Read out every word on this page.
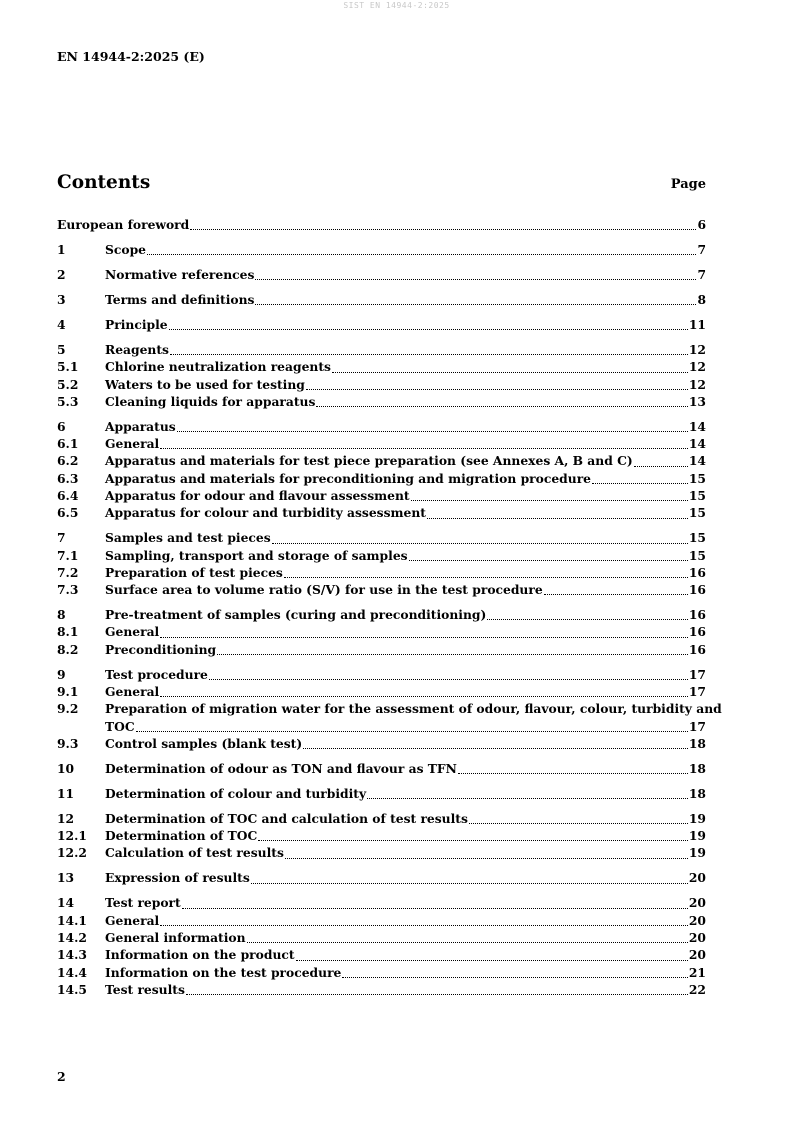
SIST EN 14944-2:2025
EN 14944-2:2025 (E)
Contents	Page
European foreword	6
1	Scope	7
2	Normative references	7
3	Terms and definitions	8
4	Principle	11
5	Reagents	12
5.1	Chlorine neutralization reagents	12
5.2	Waters to be used for testing	12
5.3	Cleaning liquids for apparatus	13
6	Apparatus	14
6.1	General	14
6.2	Apparatus and materials for test piece preparation (see Annexes A, B and C)	14
6.3	Apparatus and materials for preconditioning and migration procedure	15
6.4	Apparatus for odour and flavour assessment	15
6.5	Apparatus for colour and turbidity assessment	15
7	Samples and test pieces	15
7.1	Sampling, transport and storage of samples	15
7.2	Preparation of test pieces	16
7.3	Surface area to volume ratio (S/V) for use in the test procedure	16
8	Pre-treatment of samples (curing and preconditioning)	16
8.1	General	16
8.2	Preconditioning	16
9	Test procedure	17
9.1	General	17
9.2	Preparation of migration water for the assessment of odour, flavour, colour, turbidity and
TOC	17
9.3	Control samples (blank test)	18
10	Determination of odour as TON and flavour as TFN	18
11	Determination of colour and turbidity	18
12	Determination of TOC and calculation of test results	19
12.1	Determination of TOC	19
12.2	Calculation of test results	19
13	Expression of results	20
14	Test report	20
14.1	General	20
14.2	General information	20
14.3	Information on the product	20
14.4	Information on the test procedure	21
14.5	Test results	22
2
